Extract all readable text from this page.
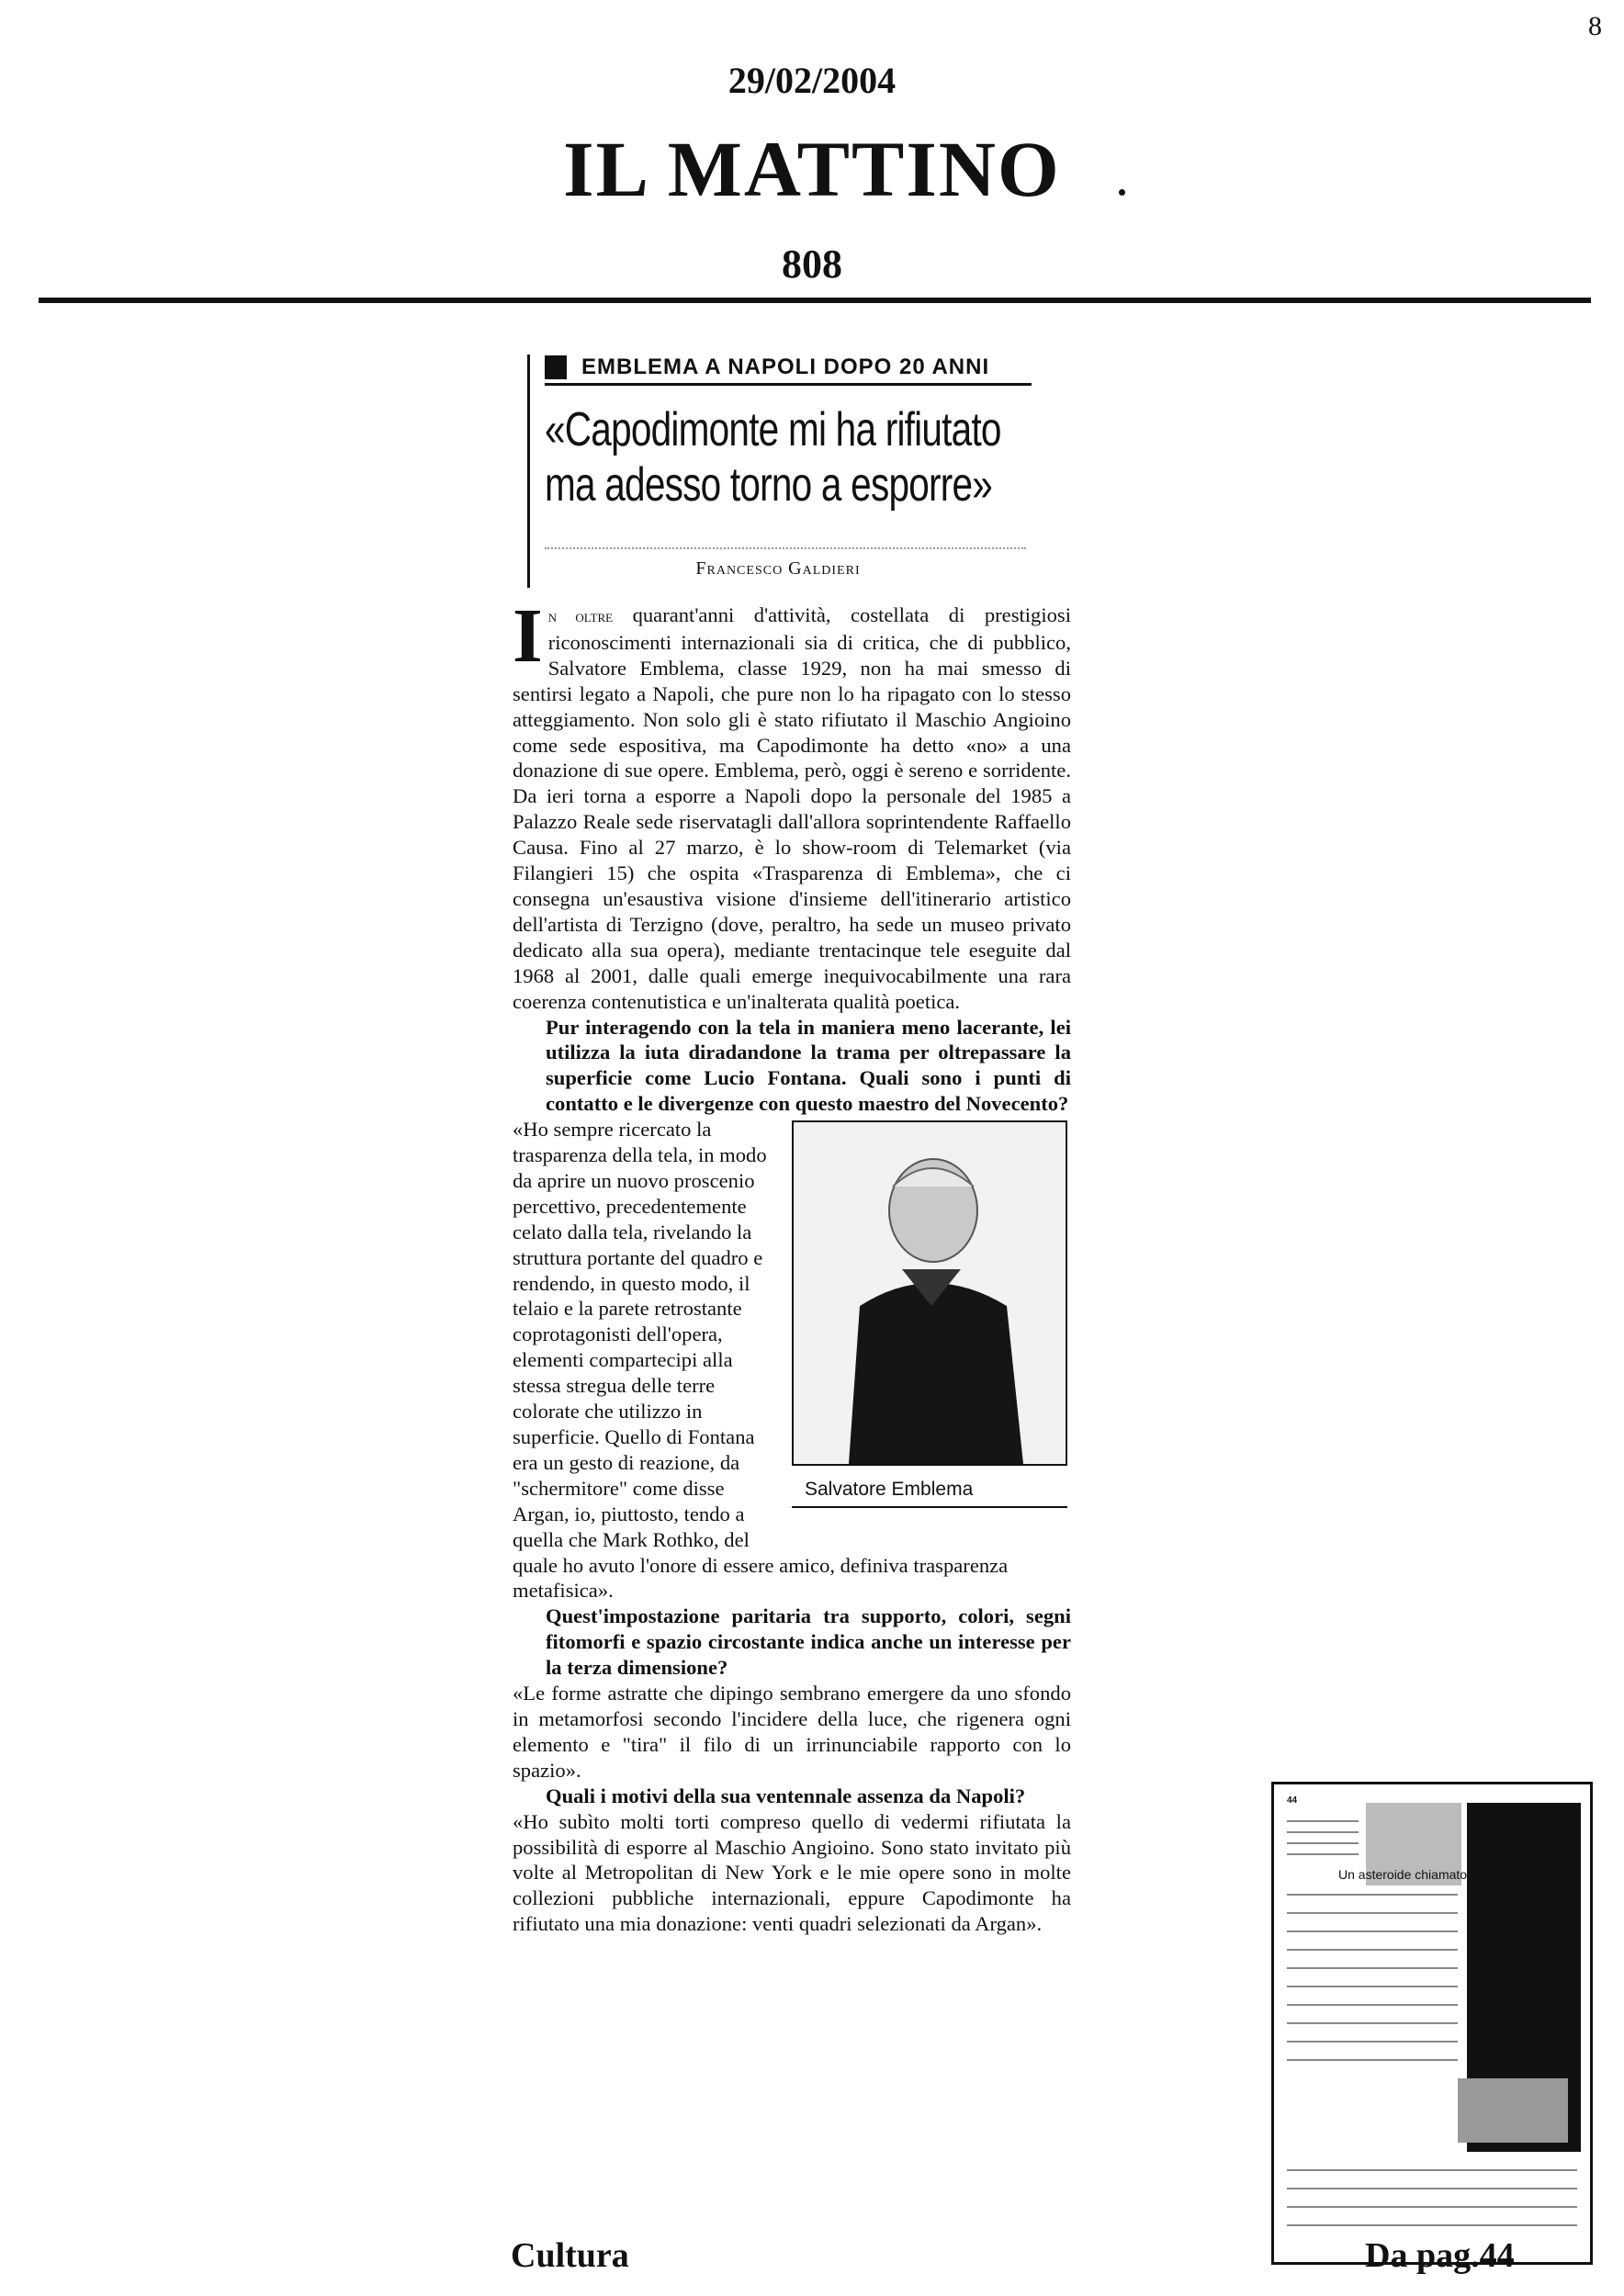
8
29/02/2004
IL MATTINO
808
EMBLEMA A NAPOLI DOPO 20 ANNI
«Capodimonte mi ha rifiutato
ma adesso torno a esporre»
Francesco Galdieri

In oltre quarant'anni d'attività, costellata di prestigiosi riconoscimenti internazionali sia di critica, che di pubblico, Salvatore Emblema, classe 1929, non ha mai smesso di sentirsi legato a Napoli, che pure non lo ha ripagato con lo stesso atteggiamento. Non solo gli è stato rifiutato il Maschio Angioino come sede espositiva, ma Capodimonte ha detto «no» a una donazione di sue opere. Emblema, però, oggi è sereno e sorridente. Da ieri torna a esporre a Napoli dopo la personale del 1985 a Palazzo Reale sede riservatagli dall'allora soprintendente Raffaello Causa. Fino al 27 marzo, è lo show-room di Telemarket (via Filangieri 15) che ospita «Trasparenza di Emblema», che ci consegna un'esaustiva visione d'insieme dell'itinerario artistico dell'artista di Terzigno (dove, peraltro, ha sede un museo privato dedicato alla sua opera), mediante trentacinque tele eseguite dal 1968 al 2001, dalle quali emerge inequivocabilmente una rara coerenza contenutistica e un'inalterata qualità poetica.

Pur interagendo con la tela in maniera meno lacerante, lei utilizza la iuta diradandone la trama per oltrepassare la superficie come Lucio Fontana. Quali sono i punti di contatto e le divergenze con questo maestro del Novecento?

Salvatore Emblema

«Ho sempre ricercato la trasparenza della tela, in modo da aprire un nuovo proscenio percettivo, precedentemente celato dalla tela, rivelando la struttura portante del quadro e rendendo, in questo modo, il telaio e la parete retrostante coprotagonisti dell'opera, elementi compartecipi alla stessa stregua delle terre colorate che utilizzo in superficie. Quello di Fontana era un gesto di reazione, da "schermitore" come disse Argan, io, piuttosto, tendo a quella che Mark Rothko, del quale ho avuto l'onore di essere amico, definiva trasparenza metafisica».

Quest'impostazione paritaria tra supporto, colori, segni fitomorfi e spazio circostante indica anche un interesse per la terza dimensione?

«Le forme astratte che dipingo sembrano emergere da uno sfondo in metamorfosi secondo l'incidere della luce, che rigenera ogni elemento e "tira" il filo di un irrinunciabile rapporto con lo spazio».

Quali i motivi della sua ventennale assenza da Napoli?

«Ho subìto molti torti compreso quello di vedermi rifiutata la possibilità di esporre al Maschio Angioino. Sono stato invitato più volte al Metropolitan di New York e le mie opere sono in molte collezioni pubbliche internazionali, eppure Capodimonte ha rifiutato una mia donazione: venti quadri selezionati da Argan».

44
Un asteroide chiamato Caccioppoli
Cultura	Da pag.44
